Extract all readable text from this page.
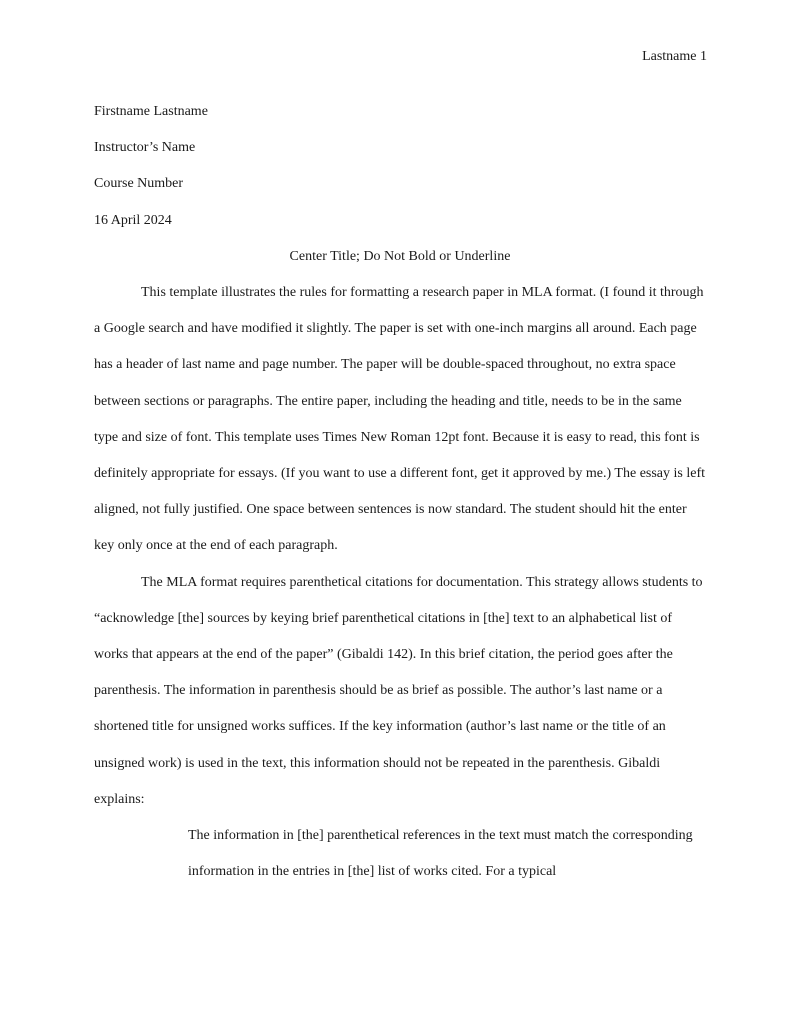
Lastname 1

Firstname Lastname

Instructor’s Name

Course Number

16 April 2024

Center Title; Do Not Bold or Underline

This template illustrates the rules for formatting a research paper in MLA format. (I found it through a Google search and have modified it slightly. The paper is set with one-inch margins all around. Each page has a header of last name and page number. The paper will be double-spaced throughout, no extra space between sections or paragraphs. The entire paper, including the heading and title, needs to be in the same type and size of font. This template uses Times New Roman 12pt font. Because it is easy to read, this font is definitely appropriate for essays. (If you want to use a different font, get it approved by me.) The essay is left aligned, not fully justified. One space between sentences is now standard. The student should hit the enter key only once at the end of each paragraph.

The MLA format requires parenthetical citations for documentation. This strategy allows students to “acknowledge [the] sources by keying brief parenthetical citations in [the] text to an alphabetical list of works that appears at the end of the paper” (Gibaldi 142). In this brief citation, the period goes after the parenthesis. The information in parenthesis should be as brief as possible. The author’s last name or a shortened title for unsigned works suffices. If the key information (author’s last name or the title of an unsigned work) is used in the text, this information should not be repeated in the parenthesis. Gibaldi explains:

The information in [the] parenthetical references in the text must match the corresponding information in the entries in [the] list of works cited. For a typical
